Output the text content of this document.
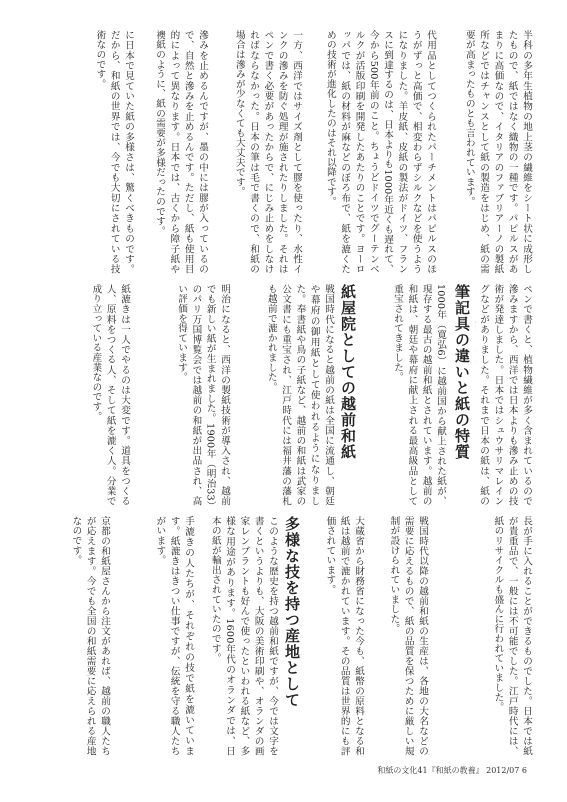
半科の多年生植物の地上茎の繊維をシート状に成形したもので、紙ではなく織物の一種です。パピルスがあまりに高価なので、イタリアのファブリアーノの製紙所などではチャンスとして紙の製造をはじめ、紙の需要が高まったものとも言われています。
代用品としてつくられたパーチメントはパピルスのほうがずっと高価で、相変わらずシルクなどを使うようになりました。羊皮紙、皮紙の製法がドイツ、フランスに到達するのは、日本よりも1000年近くも遅れて、今から500年前のこと。ちょうどドイツでグーテンベルクが活版印刷を開発したあたりのことです。ヨーロッパでは、紙の材料が麻などのぼろ布で、紙を漉くための技術が進化したのはそれ以降です。
一方、西洋ではサイズ剤として膠を使ったり、水性インクの滲みを防ぐ処理が施されたりしました。それはペンで書く必要があったからで、にじみ止めをしなければならなかった。日本の筆は毛で書くので、和紙の場合は滲みが少なくても大丈夫です。
滲みを止めるんですが、墨の中には膠が入っているので、自然と滲みを止めるんです。ただし、紙も使用目的によって異なります。日本では、古くから障子紙や襖紙のように、紙の需要が多様だったのです。
に日本で見ていた紙の多様さは、驚くべきものです。だから、和紙の世界では、今でも大切にされている技術なのです。
筆記具の違いと紙の特質	ペンで書くと、植物繊維が多く含まれているので滲みますから、西洋では日本よりも滲み止めの技術が発達しました。日本ではシュウサリマレイングなどがありました。それまで日本の紙は、紙の
1000年（寛弘6）に越前国から献上された紙が、現存する最古の越前和紙とされています。越前の和紙は、朝廷や幕府に献上される最高級品として重宝されてきました。
紙屋院としての越前和紙
戦国時代になると越前の紙は全国に流通し、朝廷や幕府の御用紙として使われるようになりました。奉書紙や鳥の子紙など、越前の和紙は武家の公文書にも重宝され、江戸時代には福井藩の藩札も越前で漉かれました。
明治になると、西洋の製紙技術が導入され、越前でも新しい紙が生まれました。1900年（明治33）のパリ万国博覧会では越前の和紙が出品され、高い評価を得ています。
紙漉きは一人でやるのは大変です。道具をつくる人、原料をつくる人、そして紙を漉く人。分業で成り立っている産業なのです。
長が手に入れることができるものでした。日本では紙が貴重品で、一般には不可能でした。江戸時代には、紙のリサイクルも盛んに行われていました。
戦国時代以降の越前和紙の生産は、各地の大名などの需要に応えるもので、紙の品質を保つために厳しい規制が設けられていました。
大蔵省から財務省になった今も、紙幣の原料となる和紙は越前で漉かれています。その品質は世界的にも評価されています。
多様な技を持つ産地として
このような歴史を持つ越前和紙ですが、今では文字を書くというよりも、大阪の美術印刷や、オランダの画家レンブラントも好んで使ったといわれる紙など、多様な用途があります。1600年代のオランダでは、日本の紙が輸出されていたのです。
手漉きの人たちが、それぞれの技で紙を漉いています。紙漉きはきつい仕事ですが、伝統を守る職人たちがいます。
京都の和紙屋さんから注文があれば、越前の職人たちが応えます。今でも全国の和紙需要に応えられる産地なのです。
和紙の文化41『和紙の教養』 2012/07 6
